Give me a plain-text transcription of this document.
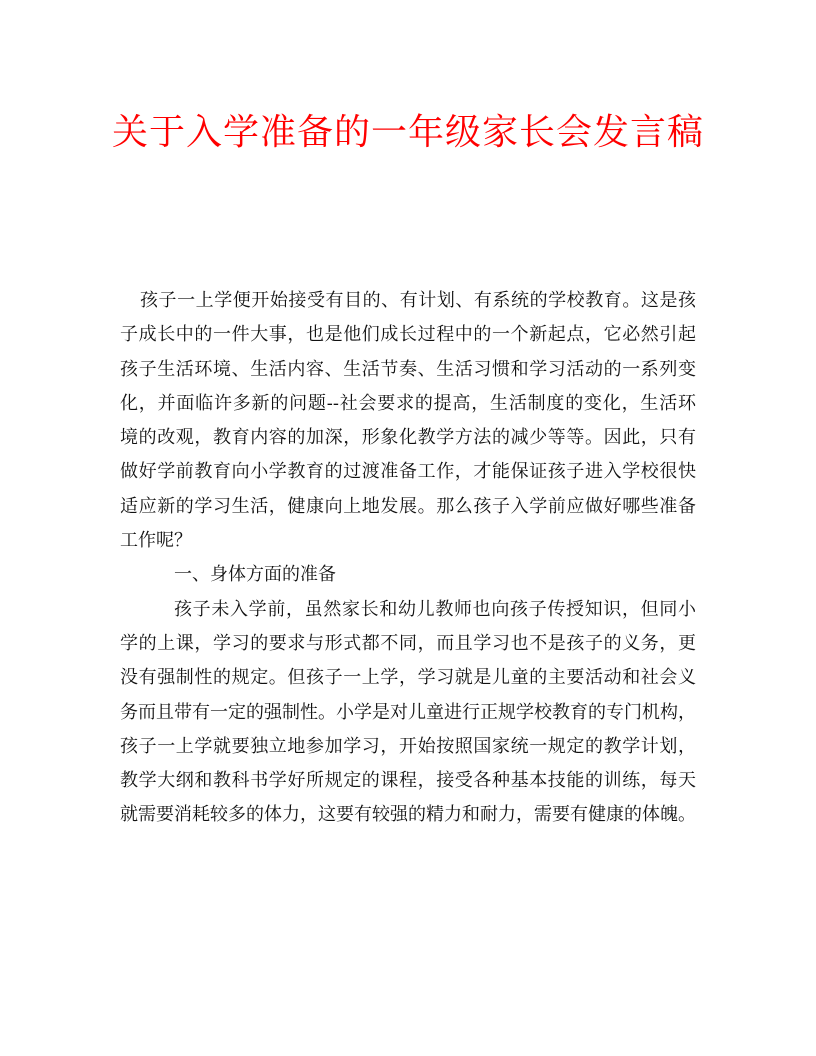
关于入学准备的一年级家长会发言稿
孩子一上学便开始接受有目的、有计划、有系统的学校教育。这是孩
子成长中的一件大事，也是他们成长过程中的一个新起点，它必然引起
孩子生活环境、生活内容、生活节奏、生活习惯和学习活动的一系列变
化，并面临许多新的问题--社会要求的提高，生活制度的变化，生活环
境的改观，教育内容的加深，形象化教学方法的减少等等。因此，只有
做好学前教育向小学教育的过渡准备工作，才能保证孩子进入学校很快
适应新的学习生活，健康向上地发展。那么孩子入学前应做好哪些准备
工作呢？
一、身体方面的准备
孩子未入学前，虽然家长和幼儿教师也向孩子传授知识，但同小
学的上课，学习的要求与形式都不同，而且学习也不是孩子的义务，更
没有强制性的规定。但孩子一上学，学习就是儿童的主要活动和社会义
务而且带有一定的强制性。小学是对儿童进行正规学校教育的专门机构，
孩子一上学就要独立地参加学习，开始按照国家统一规定的教学计划，
教学大纲和教科书学好所规定的课程，接受各种基本技能的训练，每天
就需要消耗较多的体力，这要有较强的精力和耐力，需要有健康的体魄。
